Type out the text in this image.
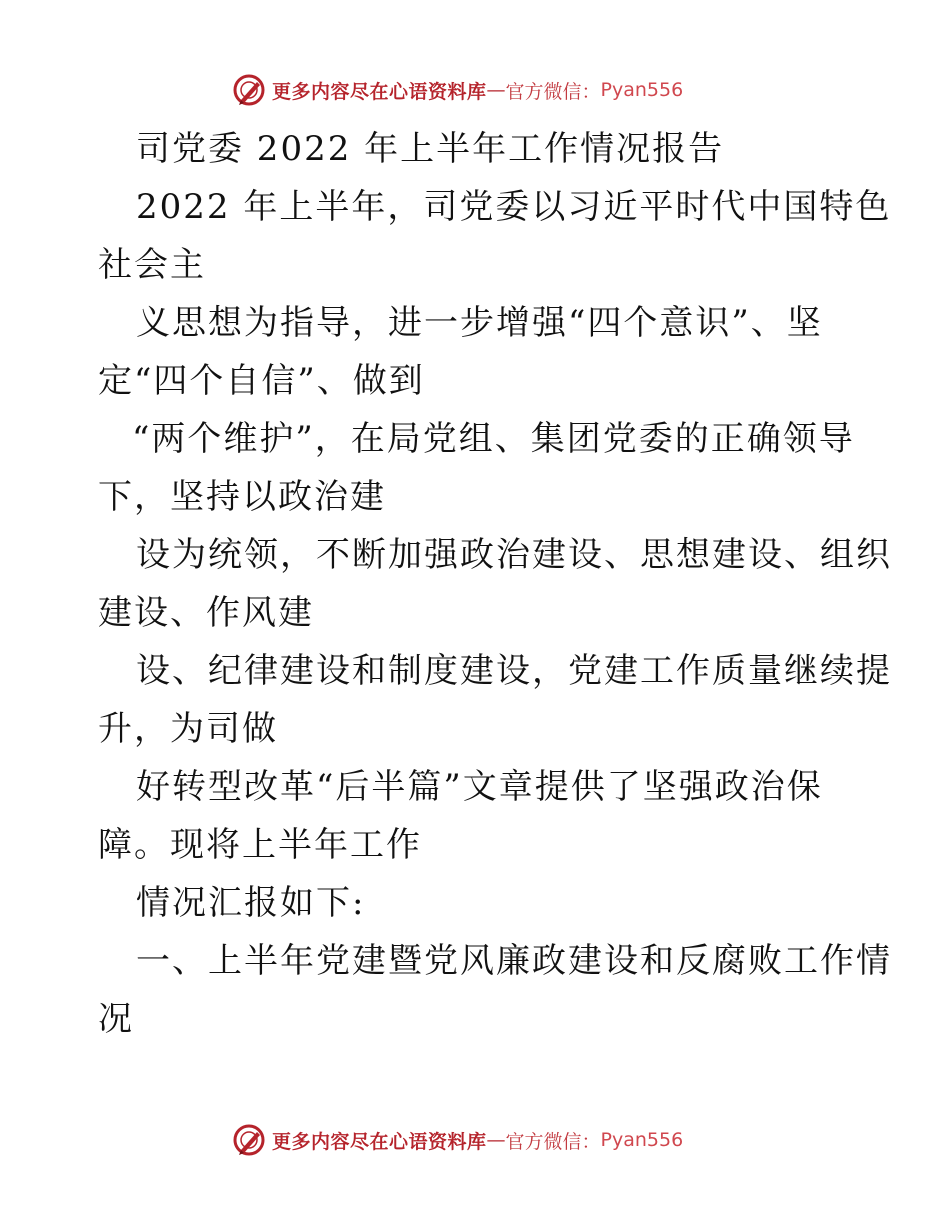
更多内容尽在心语资料库 — 官方微信： Pyan556
司党委 2022 年上半年工作情况报告
2022 年上半年，司党委以习近平时代中国特色
社会主
义思想为指导，进一步增强“四个意识”、坚
定“四个自信”、做到
“两个维护”，在局党组、集团党委的正确领导
下，坚持以政治建
设为统领，不断加强政治建设、思想建设、组织
建设、作风建
设、纪律建设和制度建设，党建工作质量继续提
升，为司做
好转型改革“后半篇”文章提供了坚强政治保
障。现将上半年工作
情况汇报如下:
一、上半年党建暨党风廉政建设和反腐败工作情
况
更多内容尽在心语资料库 — 官方微信： Pyan556
